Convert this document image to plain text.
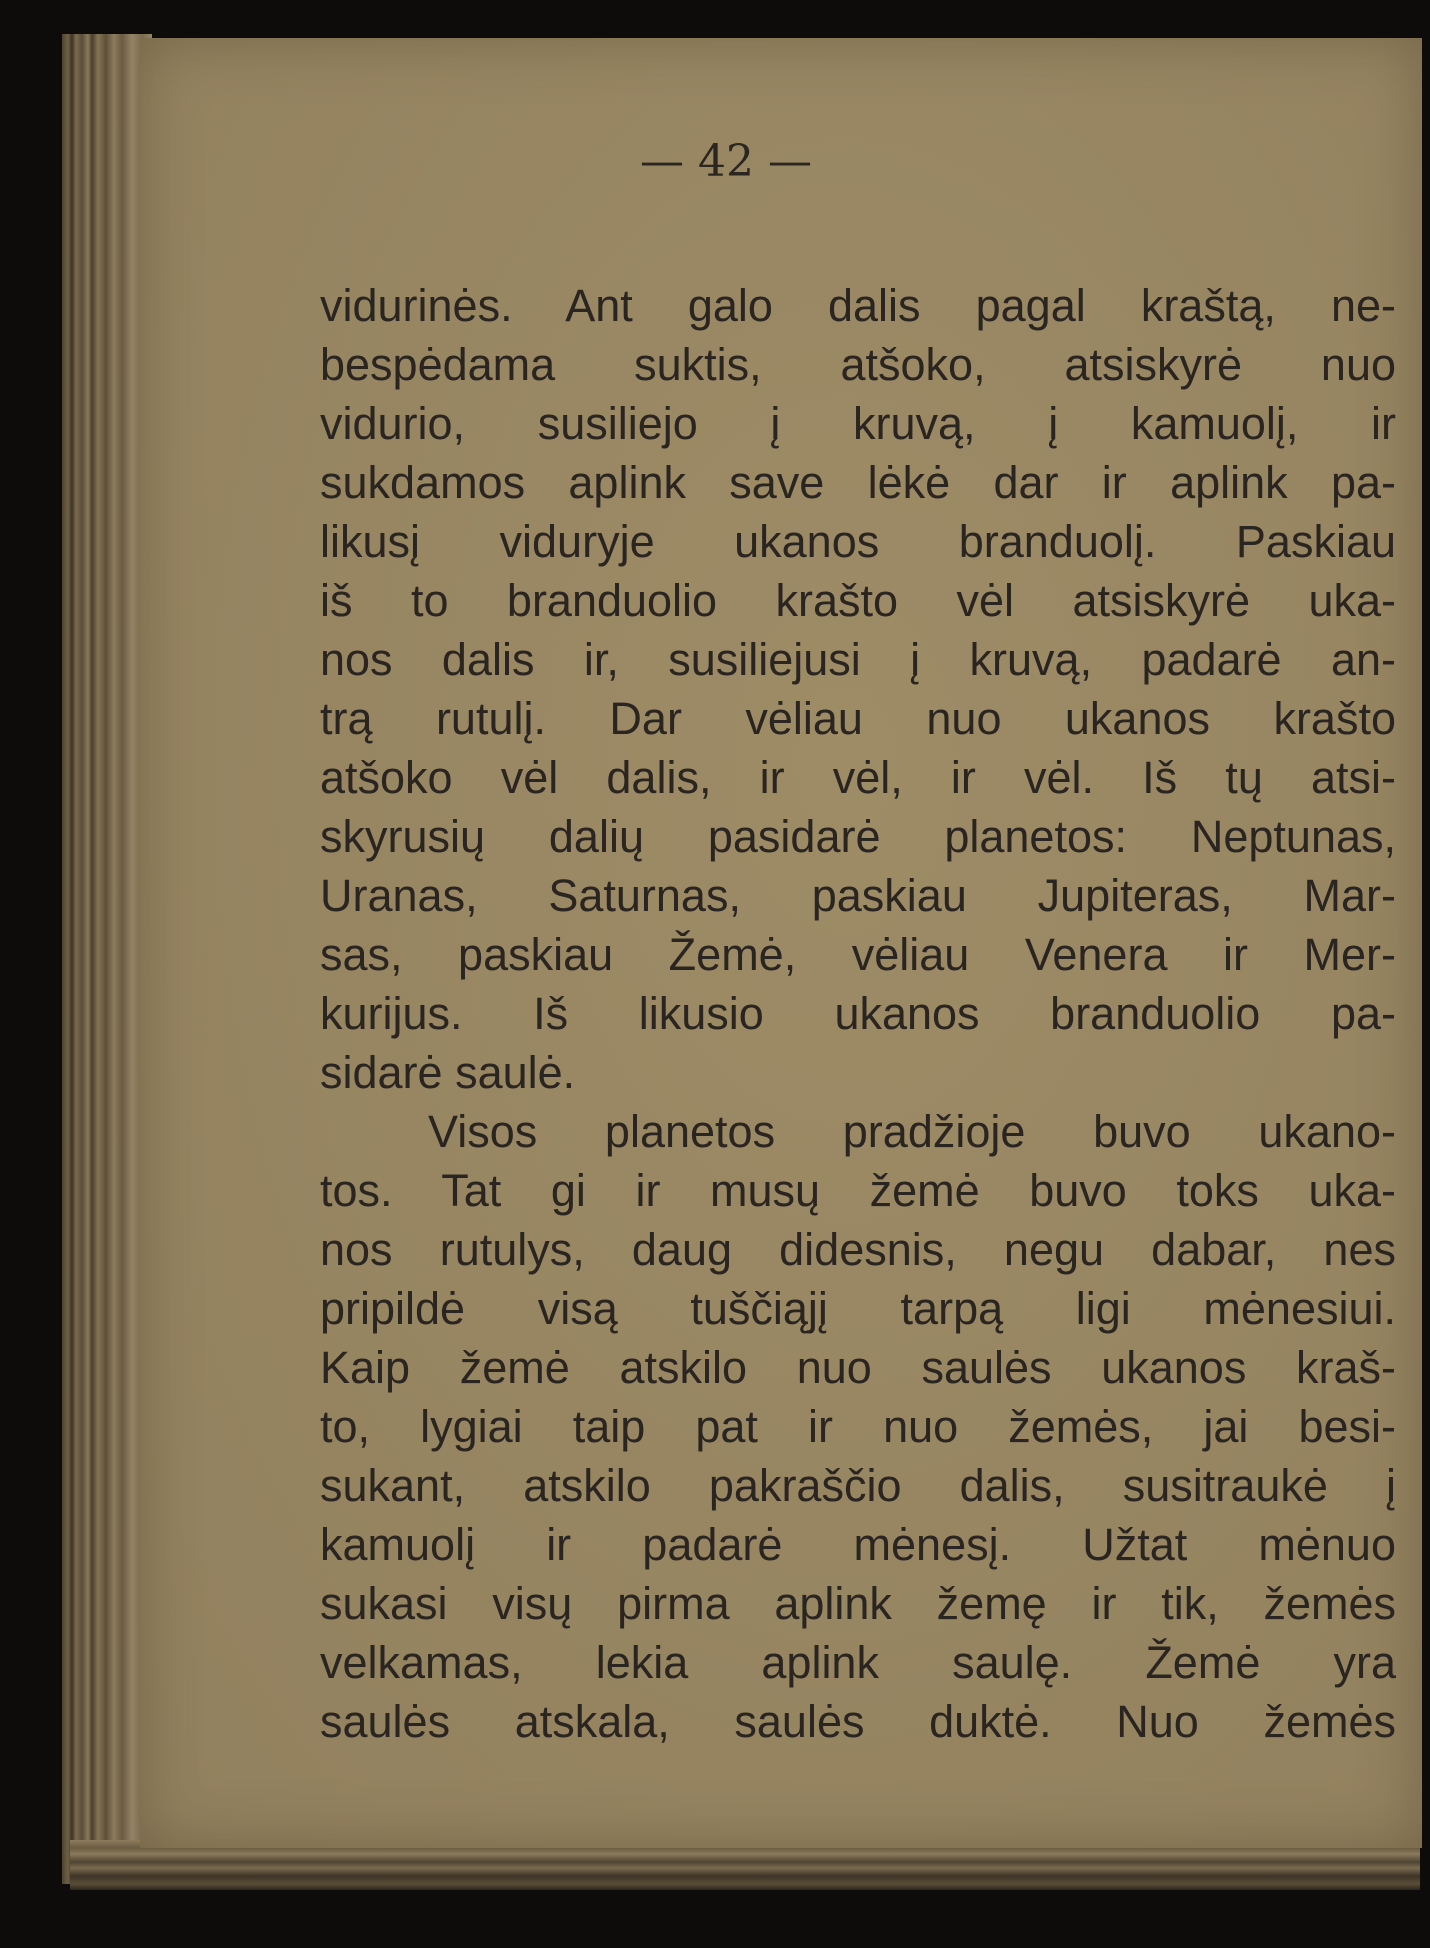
— 42 —
vidurinės. Ant galo dalis pagal kraštą, ne-
bespėdama suktis, atšoko, atsiskyrė nuo
vidurio, susiliejo į kruvą, į kamuolį, ir
sukdamos aplink save lėkė dar ir aplink pa-
likusį viduryje ukanos branduolį. Paskiau
iš to branduolio krašto vėl atsiskyrė uka-
nos dalis ir, susiliejusi į kruvą, padarė an-
trą rutulį. Dar vėliau nuo ukanos krašto
atšoko vėl dalis, ir vėl, ir vėl. Iš tų atsi-
skyrusių dalių pasidarė planetos: Neptunas,
Uranas, Saturnas, paskiau Jupiteras, Mar-
sas, paskiau Žemė, vėliau Venera ir Mer-
kurijus. Iš likusio ukanos branduolio pa-
sidarė saulė.
Visos planetos pradžioje buvo ukano-
tos. Tat gi ir musų žemė buvo toks uka-
nos rutulys, daug didesnis, negu dabar, nes
pripildė visą tuščiąjį tarpą ligi mėnesiui.
Kaip žemė atskilo nuo saulės ukanos kraš-
to, lygiai taip pat ir nuo žemės, jai besi-
sukant, atskilo pakraščio dalis, susitraukė į
kamuolį ir padarė mėnesį. Užtat mėnuo
sukasi visų pirma aplink žemę ir tik, žemės
velkamas, lekia aplink saulę. Žemė yra
saulės atskala, saulės duktė. Nuo žemės
